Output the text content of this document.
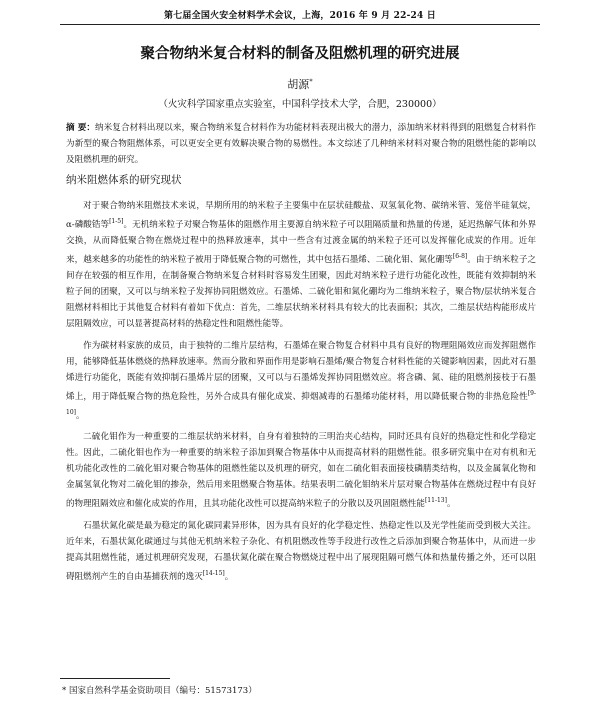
第七届全国火安全材料学术会议，上海，2016 年 9 月 22-24 日
聚合物纳米复合材料的制备及阻燃机理的研究进展
胡源*
（火灾科学国家重点实验室，中国科学技术大学，合肥，230000）
摘 要：纳米复合材料出现以来，聚合物纳米复合材料作为功能材料表现出极大的潜力，添加纳米材料得到的阻燃复合材料作为新型的聚合物阻燃体系，可以更安全更有效解决聚合物的易燃性。本文综述了几种纳米材料对聚合物的阻燃性能的影响以及阻燃机理的研究。
纳米阻燃体系的研究现状

对于聚合物纳米阻燃技术来说，早期所用的纳米粒子主要集中在层状硅酸盐、双氢氧化物、碳纳米管、笼倍半硅氧烷，α-磷酸锆等[1-5]。无机纳米粒子对聚合物基体的阻燃作用主要源自纳米粒子可以阻隔质量和热量的传递，延迟热解气体和外界交换，从而降低聚合物在燃烧过程中的热释放速率，其中一些含有过渡金属的纳米粒子还可以发挥催化成炭的作用。近年来，越来越多的功能性的纳米粒子被用于降低聚合物的可燃性，其中包括石墨烯、二硫化钼、氮化硼等[6-8]。由于纳米粒子之间存在较强的相互作用，在制备聚合物纳米复合材料时容易发生团聚，因此对纳米粒子进行功能化改性，既能有效抑制纳米粒子间的团聚，又可以与纳米粒子发挥协同阻燃效应。石墨烯、二硫化钼和氮化硼均为二维纳米粒子，聚合物/层状纳米复合阻燃材料相比于其他复合材料有着如下优点：首先，二维层状纳米材料具有较大的比表面积；其次，二维层状结构能形成片层阻隔效应，可以显著提高材料的热稳定性和阻燃性能等。

作为碳材料家族的成员，由于独特的二维片层结构，石墨烯在聚合物复合材料中具有良好的物理阻隔效应而发挥阻燃作用，能够降低基体燃烧的热释放速率。然而分散和界面作用是影响石墨烯/聚合物复合材料性能的关键影响因素，因此对石墨烯进行功能化，既能有效抑制石墨烯片层的团聚，又可以与石墨烯发挥协同阻燃效应。将含磷、氮、硅的阻燃剂接枝于石墨烯上，用于降低聚合物的热危险性，另外合成具有催化成炭、抑烟减毒的石墨烯功能材料，用以降低聚合物的非热危险性[9-10]。

二硫化钼作为一种重要的二维层状纳米材料，自身有着独特的三明治夹心结构，同时还具有良好的热稳定性和化学稳定性。因此，二硫化钼也作为一种重要的纳米粒子添加到聚合物基体中从而提高材料的阻燃性能。很多研究集中在对有机和无机功能化改性的二硫化钼对聚合物基体的阻燃性能以及机理的研究，如在二硫化钼表面接枝磷腈类结构，以及金属氧化物和金属氢氧化物对二硫化钼的掺杂，然后用来阻燃聚合物基体。结果表明二硫化钼纳米片层对聚合物基体在燃烧过程中有良好的物理阻隔效应和催化成炭的作用，且其功能化改性可以提高纳米粒子的分散以及巩固阻燃性能[11-13]。

石墨状氮化碳是最为稳定的氮化碳同素异形体，因为具有良好的化学稳定性、热稳定性以及光学性能而受到极大关注。近年来，石墨状氮化碳通过与其他无机纳米粒子杂化、有机阻燃改性等手段进行改性之后添加到聚合物基体中，从而进一步提高其阻燃性能，通过机理研究发现，石墨状氮化碳在聚合物燃烧过程中出了展现阻隔可燃气体和热量传播之外，还可以阻碍阻燃剂产生的自由基捕获剂的逸灭[14-15]。

* 国家自然科学基金资助项目（编号：51573173）
